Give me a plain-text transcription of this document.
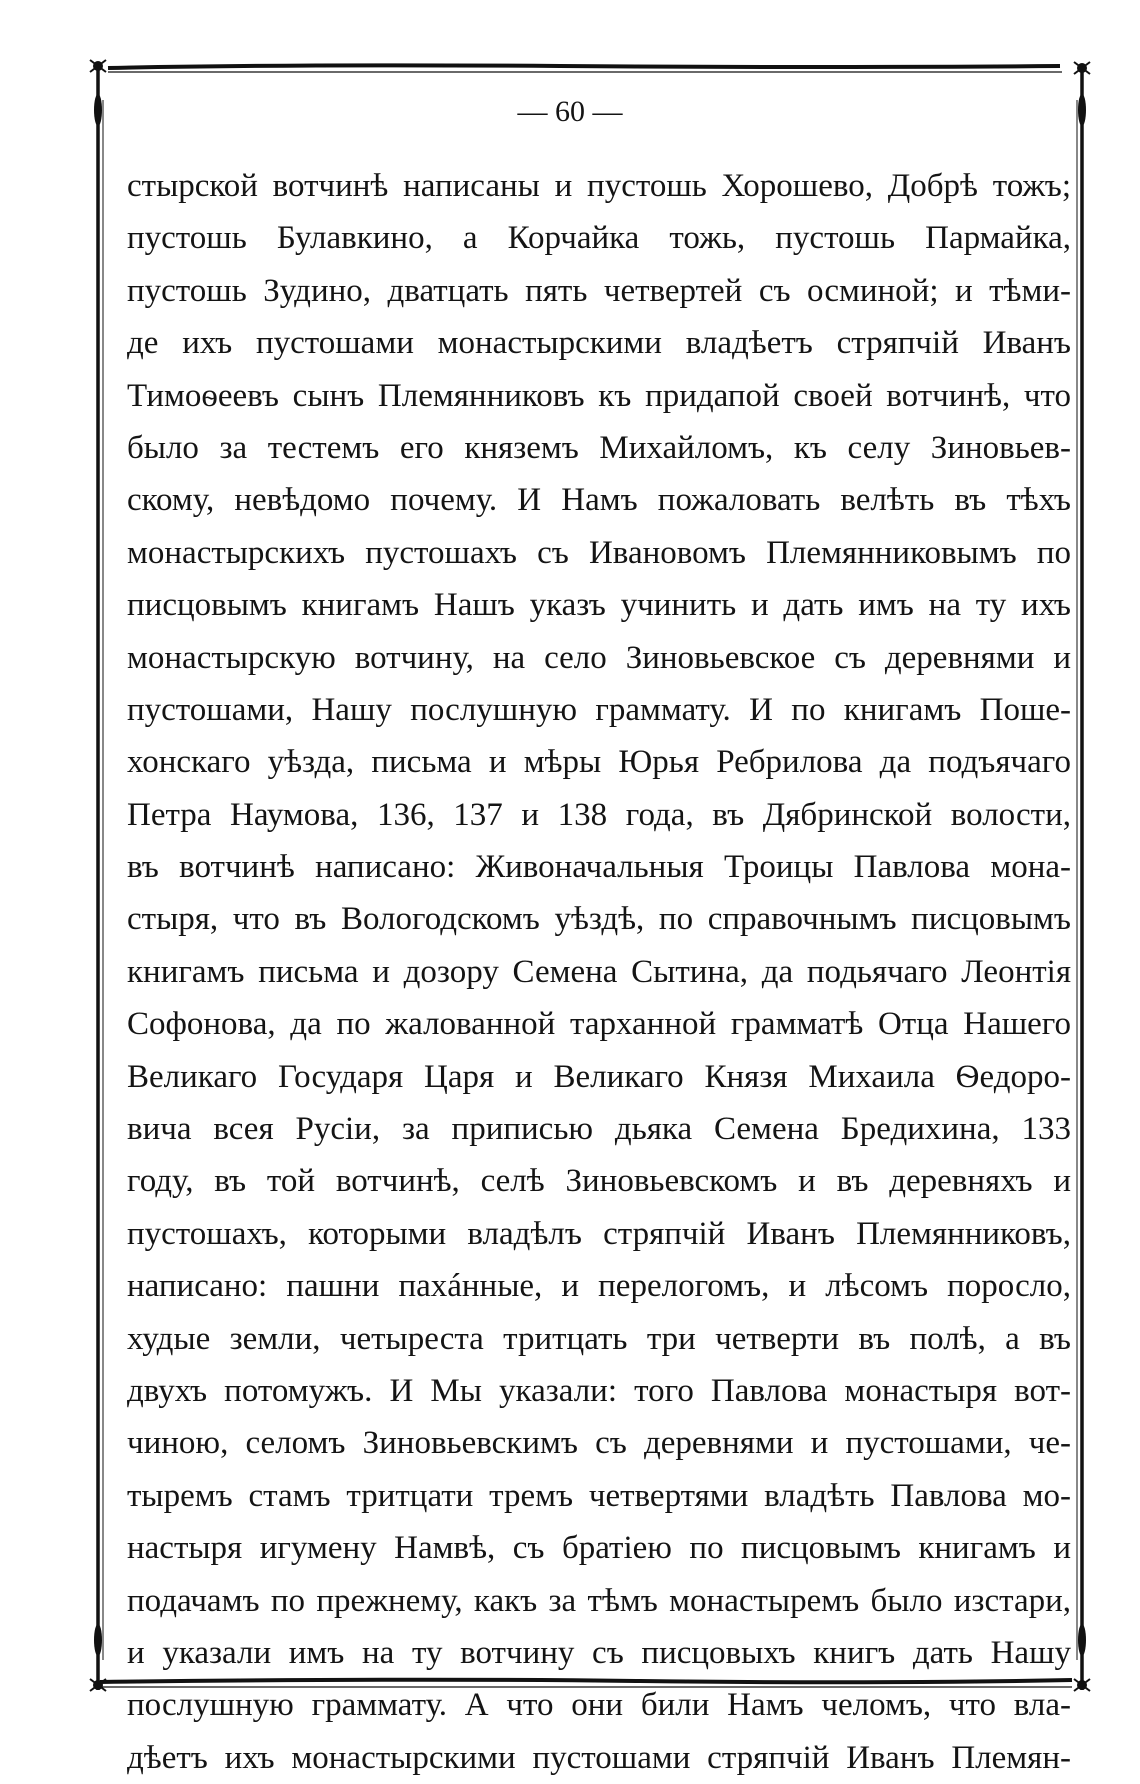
— 60 —
стырской вотчинѣ написаны и пустошь Хорошево, Добрѣ тожъ;
пустошь Булавкино, а Корчайка тожь, пустошь Пармайка,
пустошь Зудино, дватцать пять четвертей съ осминой; и тѣми-
де ихъ пустошами монастырскими владѣетъ стряпчій Иванъ
Тимоѳеевъ сынъ Племянниковъ къ придапой своей вотчинѣ, что
было за тестемъ его княземъ Михайломъ, къ селу Зиновьев-
скому, невѣдомо почему. И Намъ пожаловать велѣть въ тѣхъ
монастырскихъ пустошахъ съ Ивановомъ Племянниковымъ по
писцовымъ книгамъ Нашъ указъ учинить и дать имъ на ту ихъ
монастырскую вотчину, на село Зиновьевское съ деревнями и
пустошами, Нашу послушную граммату. И по книгамъ Поше-
хонскаго уѣзда, письма и мѣры Юрья Ребрилова да подъячаго
Петра Наумова, 136, 137 и 138 года, въ Дябринской волости,
въ вотчинѣ написано: Живоначальныя Троицы Павлова мона-
стыря, что въ Вологодскомъ уѣздѣ, по справочнымъ писцовымъ
книгамъ письма и дозору Семена Сытина, да подьячаго Леонтія
Софонова, да по жалованной тарханной грамматѣ Отца Нашего
Великаго Государя Царя и Великаго Князя Михаила Ѳедоро-
вича всея Русіи, за приписью дьяка Семена Бредихина, 133
году, въ той вотчинѣ, селѣ Зиновьевскомъ и въ деревняхъ и
пустошахъ, которыми владѣлъ стряпчій Иванъ Племянниковъ,
написано: пашни пахáнные, и перелогомъ, и лѣсомъ поросло,
худые земли, четыреста тритцать три четверти въ полѣ, а въ
двухъ потомужъ. И Мы указали: того Павлова монастыря вот-
чиною, селомъ Зиновьевскимъ съ деревнями и пустошами, че-
тыремъ стамъ тритцати тремъ четвертями владѣть Павлова мо-
настыря игумену Намвѣ, съ братіею по писцовымъ книгамъ и
подачамъ по прежнему, какъ за тѣмъ монастыремъ было изстари,
и указали имъ на ту вотчину съ писцовыхъ книгъ дать Нашу
послушную граммату. А что они били Намъ челомъ, что вла-
дѣетъ ихъ монастырскими пустошами стряпчій Иванъ Племян-
